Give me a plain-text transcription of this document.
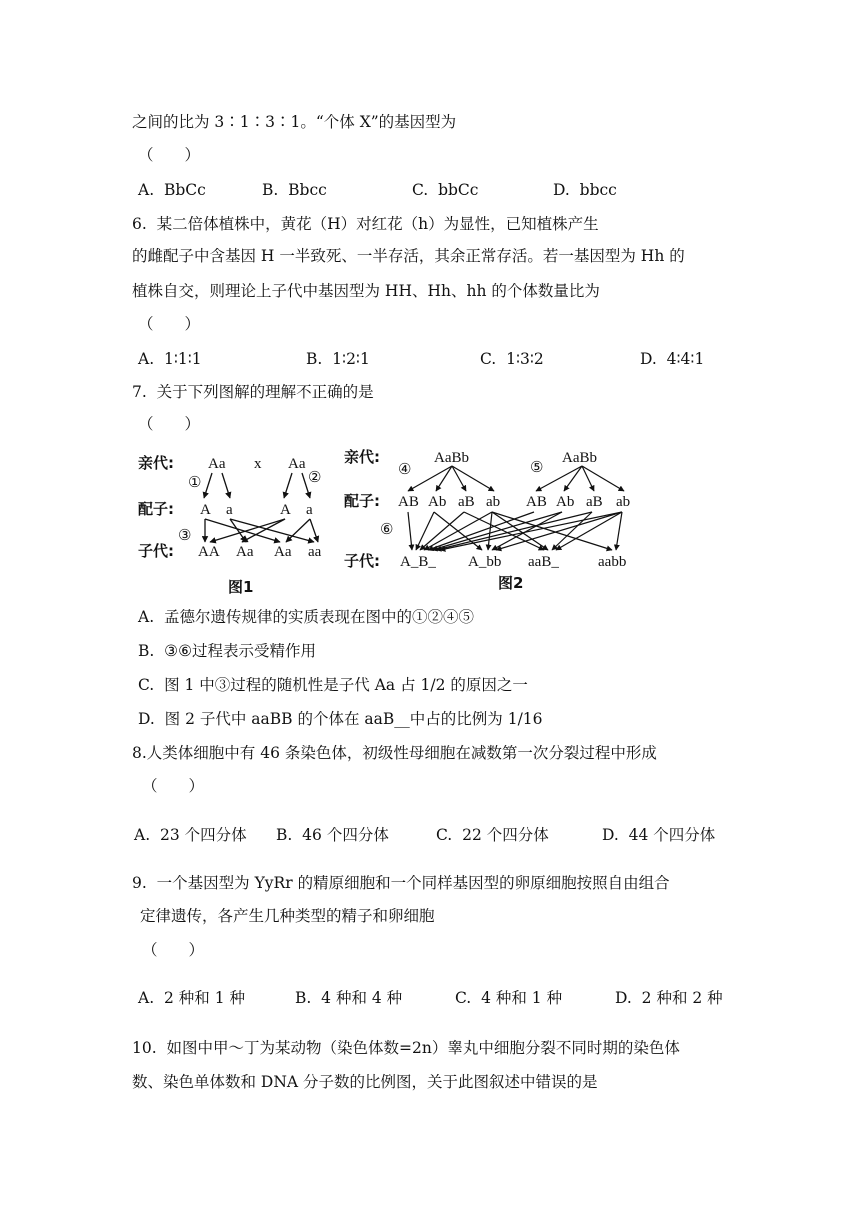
之间的比为 3∶1∶3∶1。“个体 X”的基因型为
（　　）
A.  BbCc	B.  Bbcc	C.  bbCc	D.  bbcc
6.  某二倍体植株中，黄花（H）对红花（h）为显性，已知植株产生
的雌配子中含基因 H 一半致死、一半存活，其余正常存活。若一基因型为 Hh 的
植株自交，则理论上子代中基因型为 HH、Hh、hh 的个体数量比为
（　　）
A.  1∶1∶1	B.  1∶2∶1	C.  1∶3∶2	D.  4∶4∶1
7.  关于下列图解的理解不正确的是
（　　）
亲代:
配子:
子代:
Aa x Aa
①	②
③
A a	A a
AA Aa Aa aa
图1
亲代:
配子:
子代:
④	⑤
⑥
AaBb	AaBb
AB Ab aB ab AB Ab aB ab
A_B_ A_bb aaB_	aabb
图2
A.  孟德尔遗传规律的实质表现在图中的①②④⑤
B.  ③⑥过程表示受精作用
C.  图 1 中③过程的随机性是子代 Aa 占 1/2 的原因之一
D.  图 2 子代中 aaBB 的个体在 aaB__中占的比例为 1/16
8.人类体细胞中有 46 条染色体，初级性母细胞在减数第一次分裂过程中形成
（　　）
A.  23 个四分体 B.  46 个四分体	C.  22 个四分体	D.  44 个四分体
9.  一个基因型为 YyRr 的精原细胞和一个同样基因型的卵原细胞按照自由组合
定律遗传，各产生几种类型的精子和卵细胞
（　　）
A.  2 种和 1 种	B.  4 种和 4 种	C.  4 种和 1 种	D.  2 种和 2 种
10.  如图中甲～丁为某动物（染色体数=2n）睾丸中细胞分裂不同时期的染色体
数、染色单体数和 DNA 分子数的比例图，关于此图叙述中错误的是
